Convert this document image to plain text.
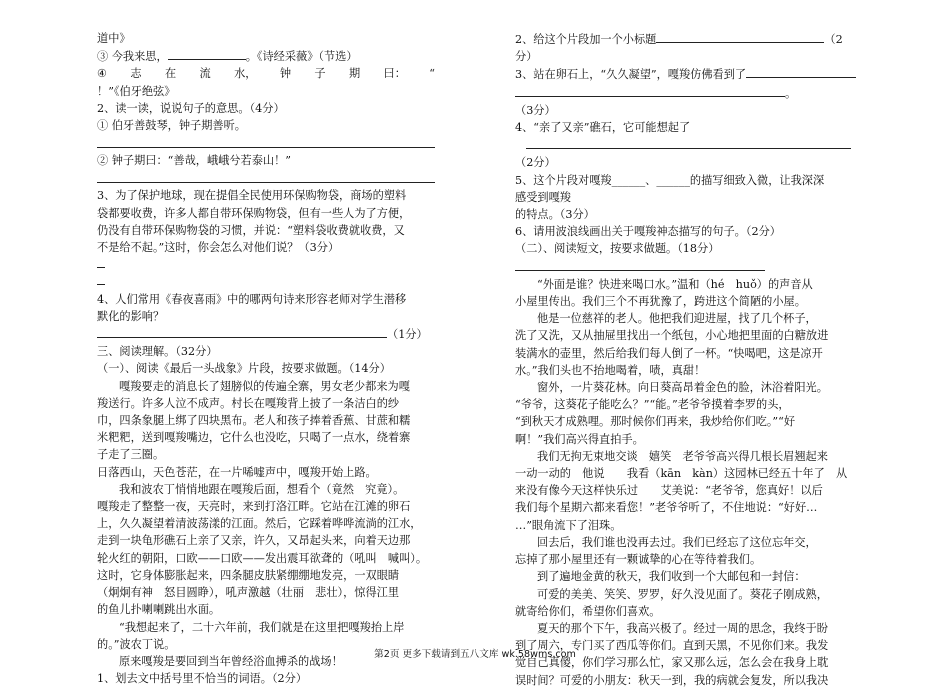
道中》
③ 今我来思，	。《诗经采薇》（节选）
④ 志 在 流 水， 钟 子 期 曰： “
！”《伯牙绝弦》
2、读一读，说说句子的意思。（4分）
① 伯牙善鼓琴，钟子期善听。
② 钟子期曰：“善哉，峨峨兮若泰山！”
3、为了保护地球，现在提倡全民使用环保购物袋，商场的塑料
袋都要收费，许多人都自带环保购物袋，但有一些人为了方便，
仍没有自带环保购物袋的习惯，并说：“塑料袋收费就收费，又
不是给不起。”这时，你会怎么对他们说？（3分）
4、人们常用《春夜喜雨》中的哪两句诗来形容老师对学生潜移
默化的影响？
（1分）
三、阅读理解。（32分）
（一）、阅读《最后一头战象》片段，按要求做题。（14分）
嘎羧要走的消息长了翅膀似的传遍全寨，男女老少都来为嘎
羧送行。许多人泣不成声。村长在嘎羧背上披了一条洁白的纱
巾，四条象腿上绑了四块黑布。老人和孩子捧着香蕉、甘蔗和糯
米粑粑，送到嘎羧嘴边，它什么也没吃，只喝了一点水，绕着寨
子走了三圈。
日落西山，天色苍茫，在一片唏嘘声中，嘎羧开始上路。
我和波农丁悄悄地跟在嘎羧后面，想看个（竟然　究竟）。
嘎羧走了整整一夜，天亮时，来到打洛江畔。它站在江滩的卵石
上，久久凝望着清波荡漾的江面。然后，它踩着哗哗流淌的江水，
走到一块龟形礁石上亲了又亲，许久，又昂起头来，向着天边那
轮火红的朝阳，口欧——口欧——发出震耳欲聋的（吼叫　喊叫）。
这时，它身体膨胀起来，四条腿皮肤紧绷绷地发亮，一双眼睛
（炯炯有神　怒目圆睁），吼声激越（壮丽　悲壮），惊得江里
的鱼儿扑喇喇跳出水面。
“我想起来了，二十六年前，我们就是在这里把嘎羧抬上岸
的。”波农丁说。
原来嘎羧是要回到当年曾经浴血搏杀的战场！
1、划去文中括号里不恰当的词语。（2分）
2、给这个片段加一个小标题	（2
分）
3、站在卵石上，“久久凝望”，嘎羧仿佛看到了
。
（3分）
4、“亲了又亲”礁石，它可能想起了

（2分）
5、这个片段对嘎羧______、______的描写细致入微，让我深深
感受到嘎羧
的特点。（3分）
6、请用波浪线画出关于嘎羧神态描写的句子。（2分）
（二）、阅读短文，按要求做题。（18分）
“外面是谁？快进来喝口水。”温和（hé　huǒ）的声音从
小屋里传出。我们三个不再犹豫了，跨进这个简陋的小屋。
他是一位慈祥的老人。他把我们迎进屋，找了几个杯子，
洗了又洗，又从抽屉里找出一个纸包，小心地把里面的白糖放进
装满水的壶里，然后给我们每人倒了一杯。“快喝吧，这是凉开
水。”我们头也不抬地喝着，啧，真甜！
窗外，一片葵花林。向日葵高昂着金色的脸，沐浴着阳光。
“爷爷，这葵花子能吃么？”“能。”老爷爷摸着李罗的头，
“到秋天才成熟哩。那时候你们再来，我炒给你们吃。”“好
啊！”我们高兴得直拍手。
我们无拘无束地交谈　嬉笑　老爷爷高兴得几根长眉翘起来
一动一动的　他说　　我看（kān　kàn）这园林已经五十年了　从
来没有像今天这样快乐过　　艾美说：“老爷爷，您真好！以后
我们每个星期六都来看您！”老爷爷听了，不住地说：“好好…
…”眼角流下了泪珠。
回去后，我们谁也没再去过。我们已经忘了这位忘年交，
忘掉了那小屋里还有一颗诚挚的心在等待着我们。
到了遍地金黄的秋天，我们收到一个大邮包和一封信：
可爱的美美、笑笑、罗罗，好久没见面了。葵花子刚成熟，
就寄给你们，希望你们喜欢。
夏天的那个下午，我高兴极了。经过一周的思念，我终于盼
到了周六，专门买了西瓜等你们。直到天黑，不见你们来。我发
觉自己真傻，你们学习那么忙，家又那么远，怎么会在我身上耽
误时间？可爱的小朋友：秋天一到，我的病就会复发，所以我决
第2页 更多下载请到五八文库 wk.58wms.com
